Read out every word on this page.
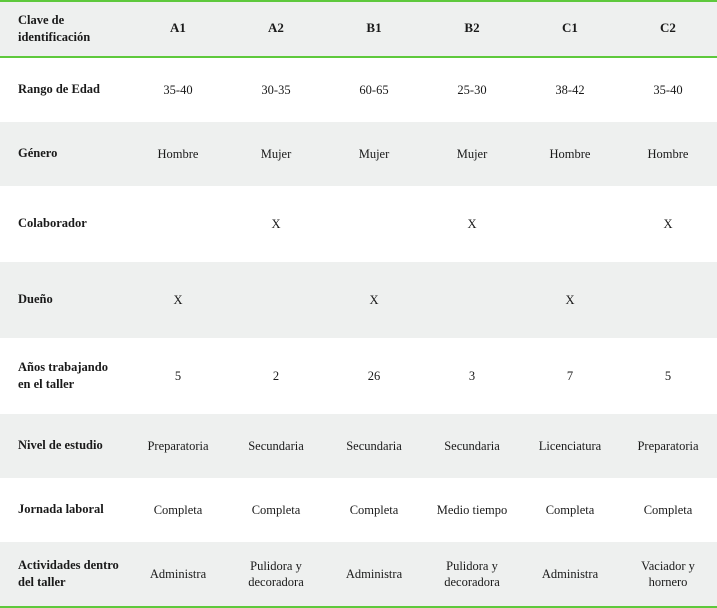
Clave de identificación	A1	A2	B1	B2	C1	C2
Rango de Edad	35-40	30-35	60-65	25-30	38-42	35-40
Género	Hombre	Mujer	Mujer	Mujer	Hombre	Hombre
Colaborador		X		X		X
Dueño	X		X		X	
Años trabajando en el taller	5	2	26	3	7	5
Nivel de estudio	Preparatoria	Secundaria	Secundaria	Secundaria	Licenciatura	Preparatoria
Jornada laboral	Completa	Completa	Completa	Medio tiempo	Completa	Completa
Actividades dentro del taller	Administra	Pulidora y decoradora	Administra	Pulidora y decoradora	Administra	Vaciador y hornero
